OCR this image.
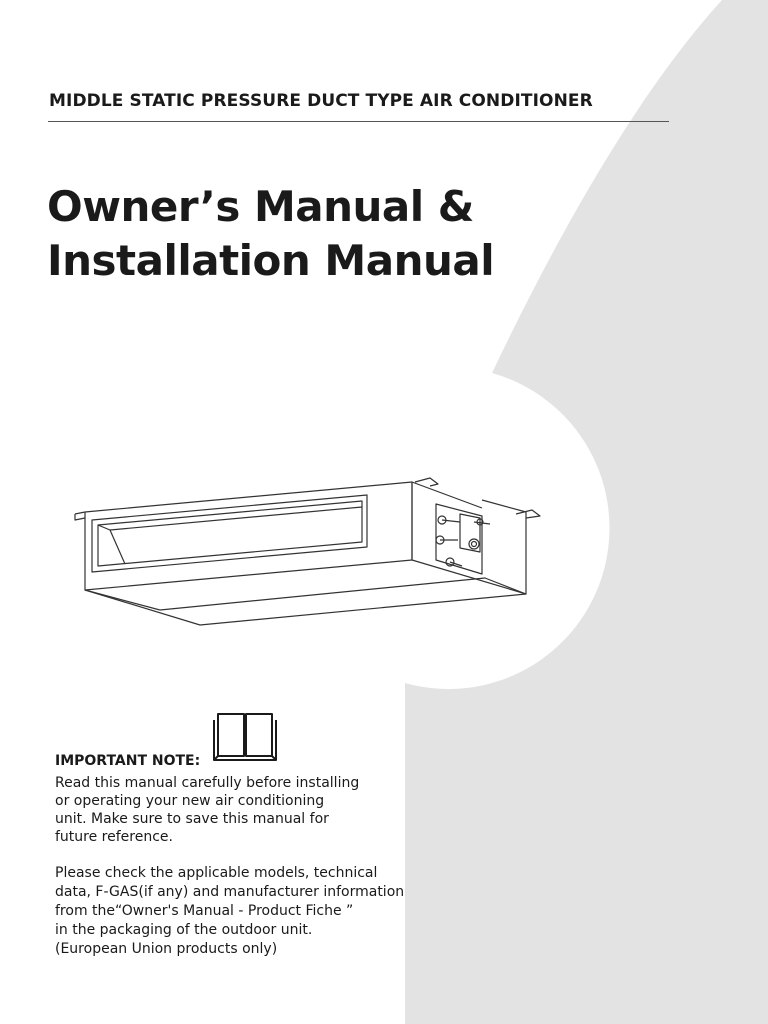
MIDDLE STATIC PRESSURE DUCT TYPE AIR CONDITIONER
Owner’s Manual &
Installation Manual
IMPORTANT NOTE:
Read this manual carefully before installing
or operating your new air conditioning
unit. Make sure to save this manual for
future reference.
Please check the applicable models, technical
data, F-GAS(if any) and manufacturer information
from the“Owner's Manual - Product Fiche ”
in the packaging of the outdoor unit.
(European Union products only)
